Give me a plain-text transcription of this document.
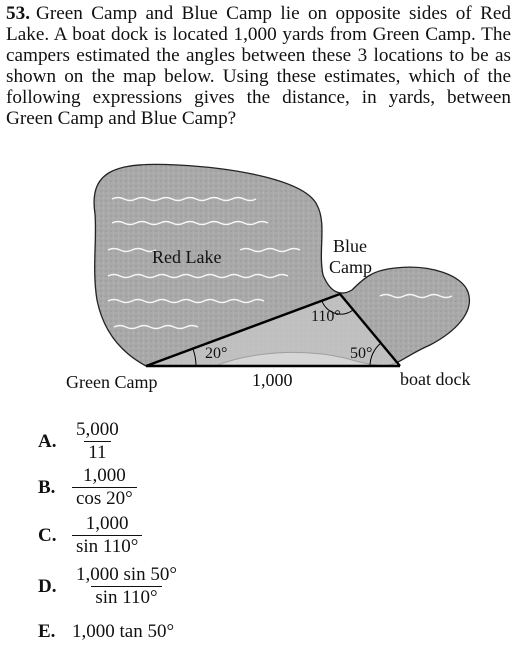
53. Green Camp and Blue Camp lie on opposite sides of Red Lake. A boat dock is located 1,000 yards from Green Camp. The campers estimated the angles between these 3 locations to be as shown on the map below. Using these estimates, which of the following expressions gives the distance, in yards, between Green Camp and Blue Camp?

Red Lake
Blue
Camp
110°
20°	50°
Green Camp	1,000	boat dock
A. $\frac{5,000}{11}$
B. $\frac{1,000}{\cos 20^\circ}$
C. $\frac{1,000}{\sin 110^\circ}$
D. $\frac{1,000 \sin 50^\circ}{\sin 110^\circ}$
E. 1,000 tan 50°
